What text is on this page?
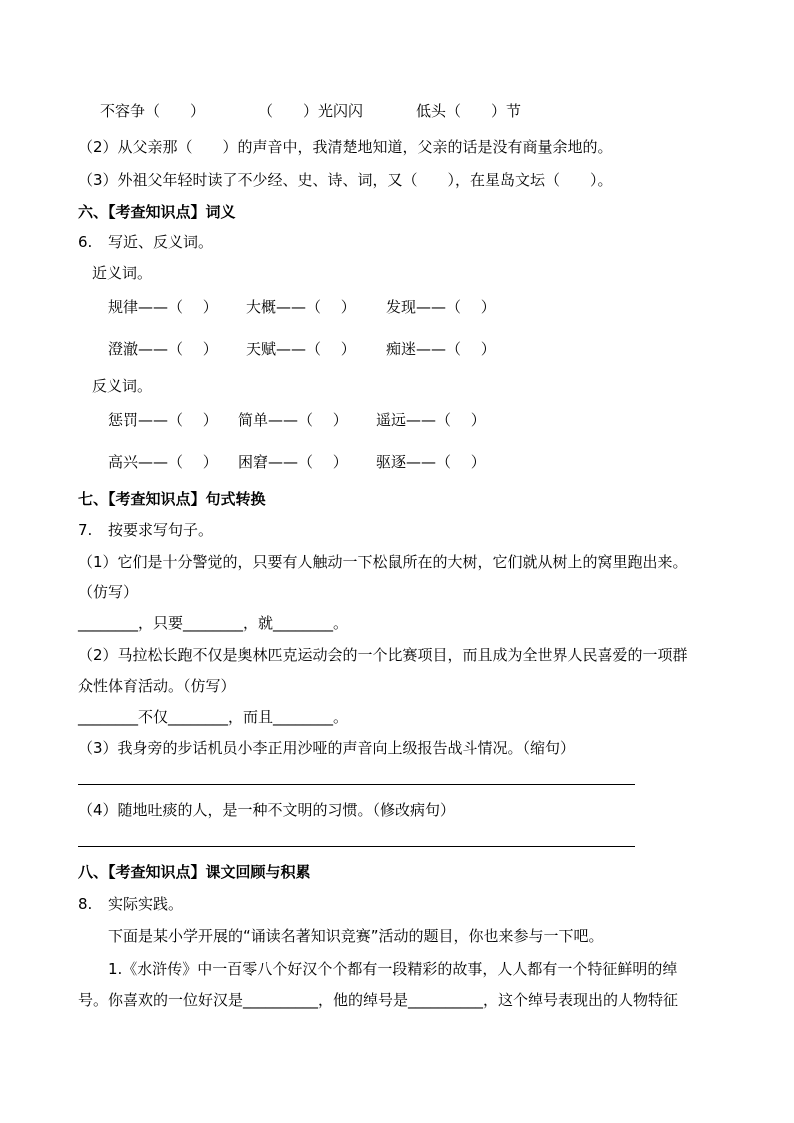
不容争（　　）	（　　）光闪闪	低头（　　）节
（2）从父亲那（　　）的声音中，我清楚地知道，父亲的话是没有商量余地的。
（3）外祖父年轻时读了不少经、史、诗、词，又（　　），在星岛文坛（　　）。
六、【考查知识点】词义
6. 写近、反义词。
近义词。
规律——（　 ） 大概——（　 ） 发现——（　 ）
澄澈——（　 ） 天赋——（　 ） 痴迷——（　 ）
反义词。
惩罚——（　 ） 简单——（　 ） 遥远——（　 ）
高兴——（　 ） 困窘——（　 ） 驱逐——（　 ）
七、【考查知识点】句式转换
7. 按要求写句子。
（1）它们是十分警觉的，只要有人触动一下松鼠所在的大树，它们就从树上的窝里跑出来。
（仿写）
________，只要________，就________。
（2）马拉松长跑不仅是奥林匹克运动会的一个比赛项目，而且成为全世界人民喜爱的一项群
众性体育活动。（仿写）
________不仅________，而且________。
（3）我身旁的步话机员小李正用沙哑的声音向上级报告战斗情况。（缩句）
（4）随地吐痰的人，是一种不文明的习惯。（修改病句）
八、【考查知识点】课文回顾与积累
8. 实际实践。
下面是某小学开展的“诵读名著知识竞赛”活动的题目，你也来参与一下吧。
1.《水浒传》中一百零八个好汉个个都有一段精彩的故事，人人都有一个特征鲜明的绰
号。你喜欢的一位好汉是__________，他的绰号是__________，这个绰号表现出的人物特征
